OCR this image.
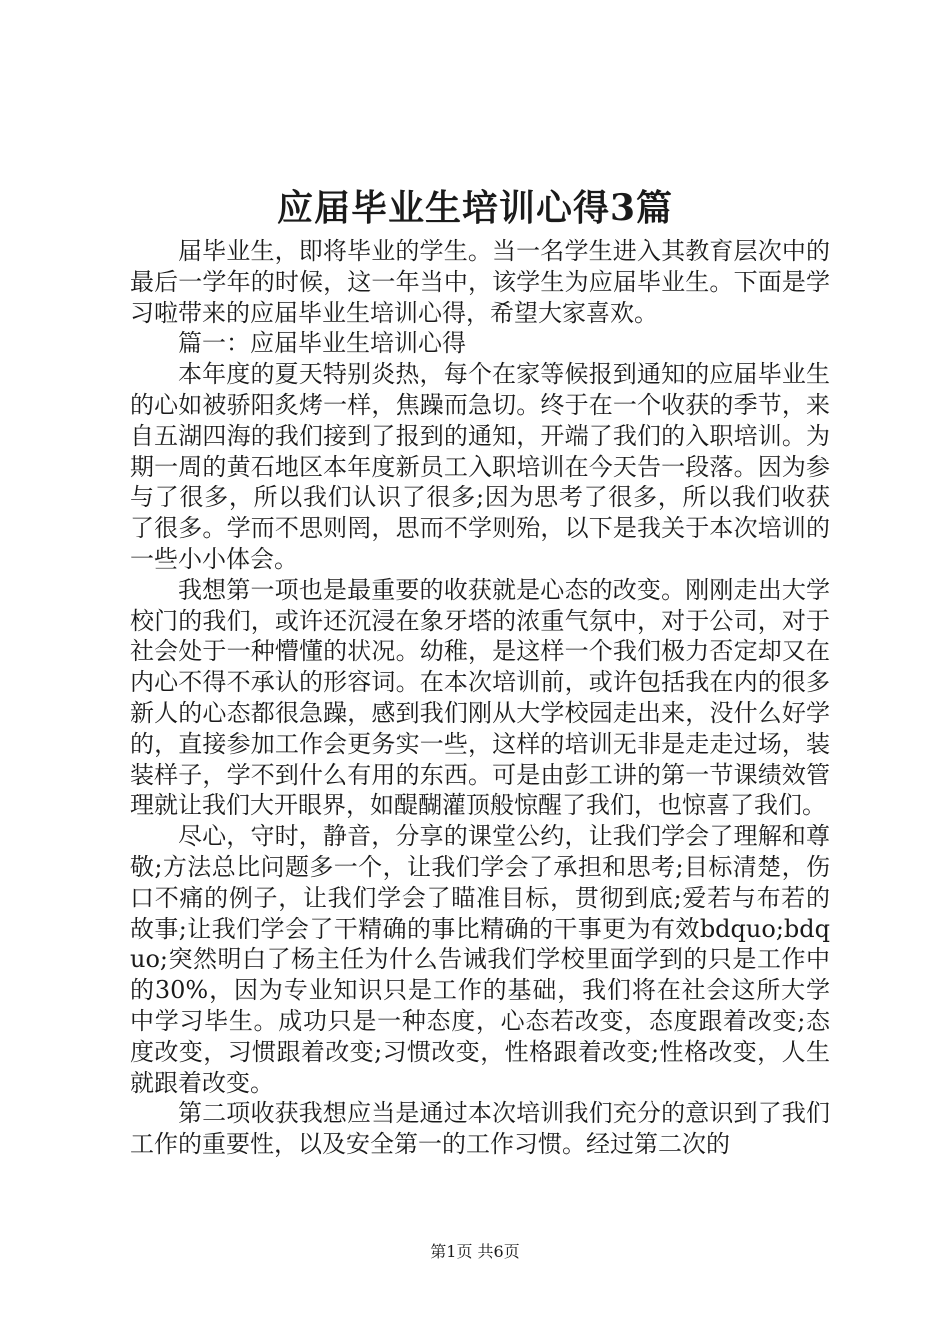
应届毕业生培训心得3篇

届毕业生，即将毕业的学生。当一名学生进入其教育层次中的最后一学年的时候，这一年当中，该学生为应届毕业生。下面是学习啦带来的应届毕业生培训心得，希望大家喜欢。

篇一：应届毕业生培训心得

本年度的夏天特别炎热，每个在家等候报到通知的应届毕业生的心如被骄阳炙烤一样，焦躁而急切。终于在一个收获的季节，来自五湖四海的我们接到了报到的通知，开端了我们的入职培训。为期一周的黄石地区本年度新员工入职培训在今天告一段落。因为参与了很多，所以我们认识了很多;因为思考了很多，所以我们收获了很多。学而不思则罔，思而不学则殆，以下是我关于本次培训的一些小小体会。

我想第一项也是最重要的收获就是心态的改变。刚刚走出大学校门的我们，或许还沉浸在象牙塔的浓重气氛中，对于公司，对于社会处于一种懵懂的状况。幼稚，是这样一个我们极力否定却又在内心不得不承认的形容词。在本次培训前，或许包括我在内的很多新人的心态都很急躁，感到我们刚从大学校园走出来，没什么好学的，直接参加工作会更务实一些，这样的培训无非是走走过场，装装样子，学不到什么有用的东西。可是由彭工讲的第一节课绩效管理就让我们大开眼界，如醍醐灌顶般惊醒了我们，也惊喜了我们。

尽心，守时，静音，分享的课堂公约，让我们学会了理解和尊敬;方法总比问题多一个，让我们学会了承担和思考;目标清楚，伤口不痛的例子，让我们学会了瞄准目标，贯彻到底;爱若与布若的故事;让我们学会了干精确的事比精确的干事更为有效bdquo;bdquo;突然明白了杨主任为什么告诫我们学校里面学到的只是工作中的30%，因为专业知识只是工作的基础，我们将在社会这所大学中学习毕生。成功只是一种态度，心态若改变，态度跟着改变;态度改变，习惯跟着改变;习惯改变，性格跟着改变;性格改变，人生就跟着改变。

第二项收获我想应当是通过本次培训我们充分的意识到了我们工作的重要性，以及安全第一的工作习惯。经过第二次的

第1页 共6页
